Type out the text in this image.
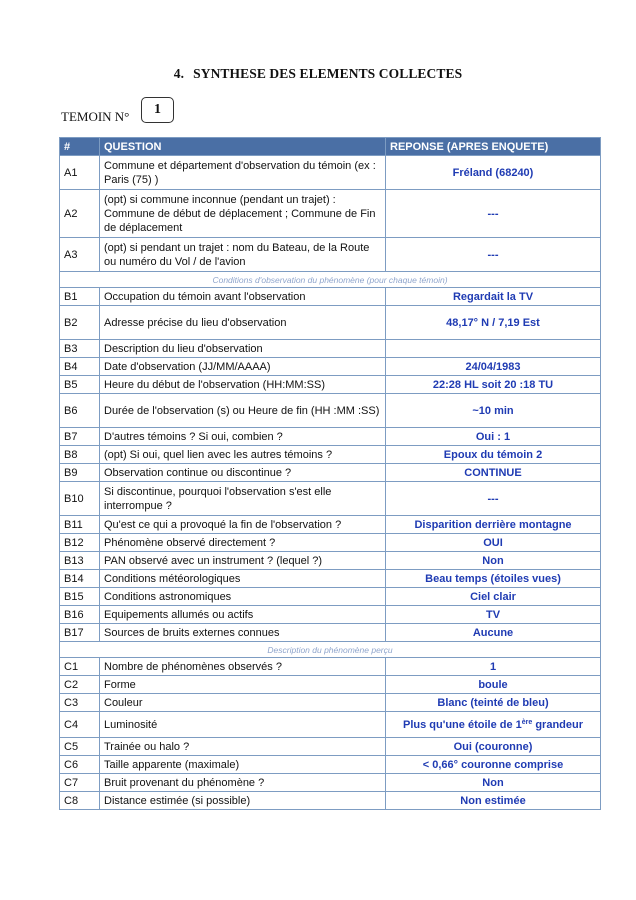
4. SYNTHESE DES ELEMENTS COLLECTES
TEMOIN N°	1
#	QUESTION	REPONSE (APRES ENQUETE)
A1	Commune et département d'observation du témoin (ex : Paris (75) )	Fréland (68240)
A2	(opt) si commune inconnue (pendant un trajet) : Commune de début de déplacement ; Commune de Fin de déplacement	---
A3	(opt) si pendant un trajet : nom du Bateau, de la Route ou numéro du Vol / de l'avion	---
Conditions d'observation du phénomène (pour chaque témoin)		
B1	Occupation du témoin avant l'observation	Regardait la TV
B2	Adresse précise du lieu d'observation	48,17° N / 7,19 Est
B3	Description du lieu d'observation	
B4	Date d'observation (JJ/MM/AAAA)	24/04/1983
B5	Heure du début de l'observation (HH:MM:SS)	22:28 HL soit 20 :18 TU
B6	Durée de l'observation (s) ou Heure de fin (HH :MM :SS)	~10 min
B7	D'autres témoins ? Si oui, combien ?	Oui : 1
B8	(opt) Si oui, quel lien avec les autres témoins ?	Epoux du témoin 2
B9	Observation continue ou discontinue ?	CONTINUE
B10	Si discontinue, pourquoi l'observation s'est elle interrompue ?	---
B11	Qu'est ce qui a provoqué la fin de l'observation ?	Disparition derrière montagne
B12	Phénomène observé directement ?	OUI
B13	PAN observé avec un instrument ? (lequel ?)	Non
B14	Conditions météorologiques	Beau temps (étoiles vues)
B15	Conditions astronomiques	Ciel clair
B16	Equipements allumés ou actifs	TV
B17	Sources de bruits externes connues	Aucune
Description du phénomène perçu		
C1	Nombre de phénomènes observés ?	1
C2	Forme	boule
C3	Couleur	Blanc (teinté de bleu)
C4	Luminosité	Plus qu'une étoile de 1ère grandeur
C5	Trainée ou halo ?	Oui (couronne)
C6	Taille apparente (maximale)	< 0,66° couronne comprise
C7	Bruit provenant du phénomène ?	Non
C8	Distance estimée (si possible)	Non estimée
